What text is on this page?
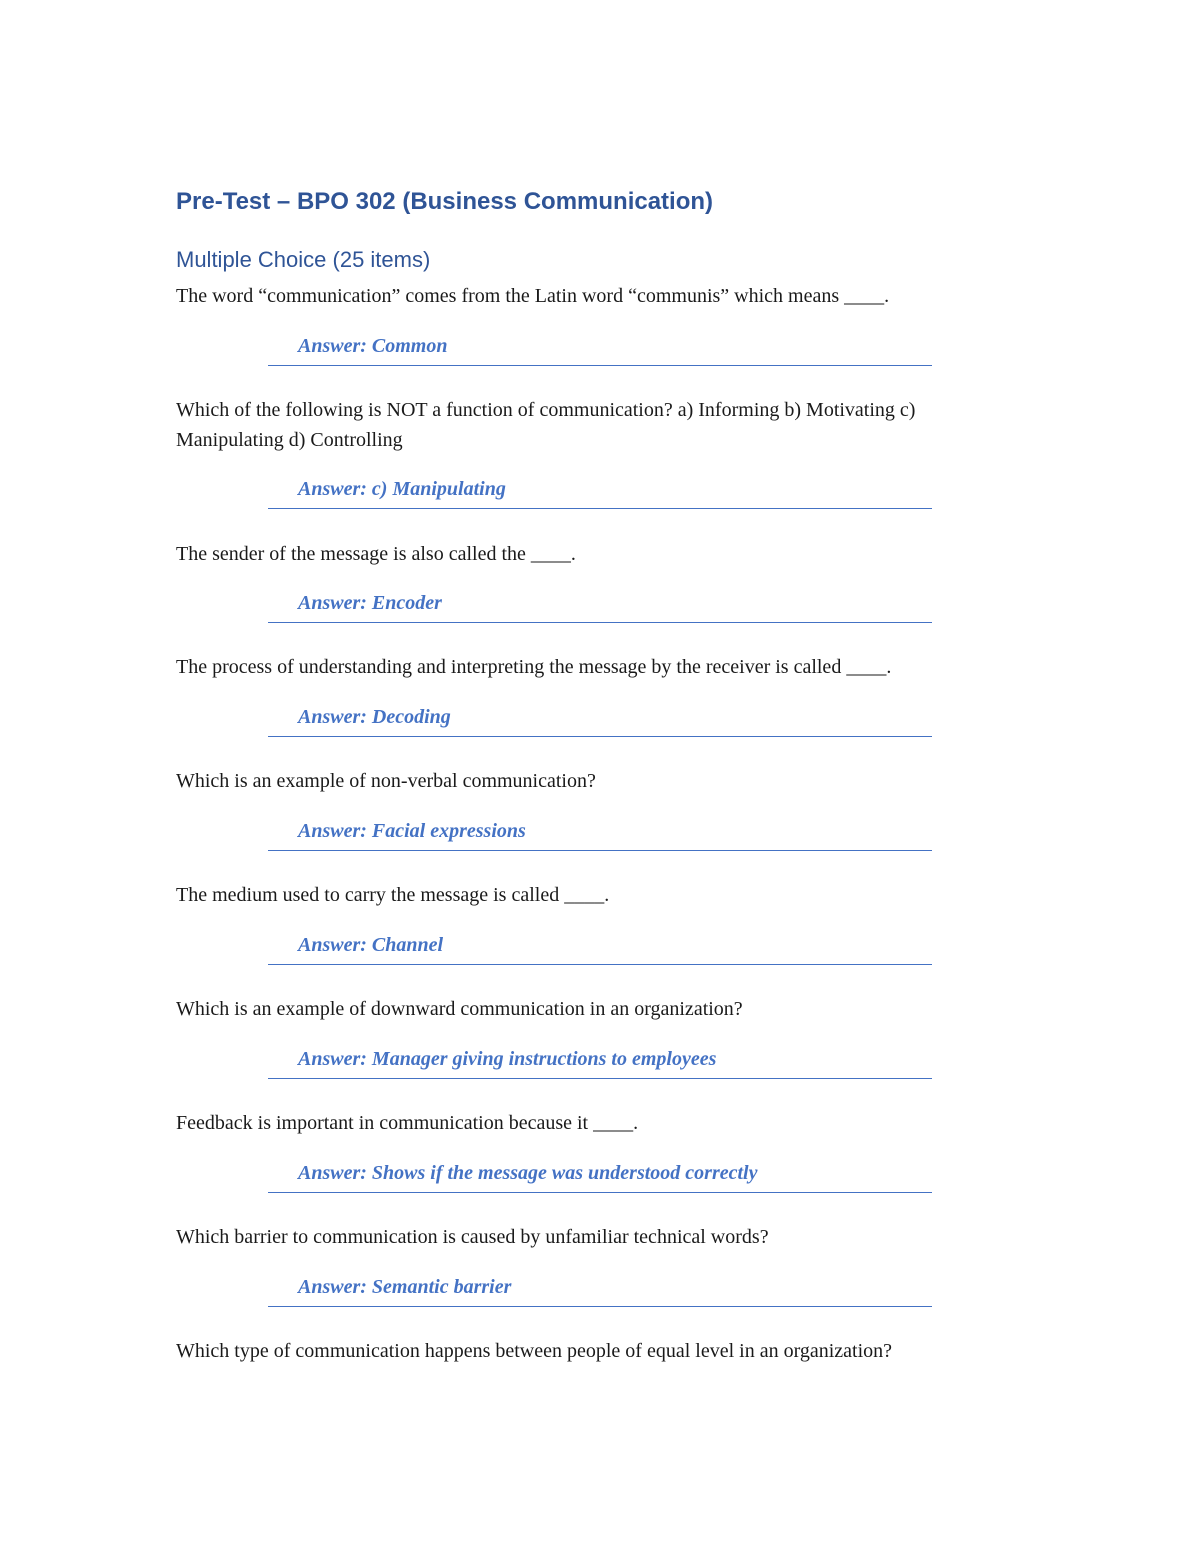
Pre-Test – BPO 302 (Business Communication)
Multiple Choice (25 items)

The word “communication” comes from the Latin word “communis” which means ____.

Answer: Common

Which of the following is NOT a function of communication? a) Informing b) Motivating c) Manipulating d) Controlling

Answer: c) Manipulating

The sender of the message is also called the ____.

Answer: Encoder

The process of understanding and interpreting the message by the receiver is called ____.

Answer: Decoding

Which is an example of non-verbal communication?

Answer: Facial expressions

The medium used to carry the message is called ____.

Answer: Channel

Which is an example of downward communication in an organization?

Answer: Manager giving instructions to employees

Feedback is important in communication because it ____.

Answer: Shows if the message was understood correctly

Which barrier to communication is caused by unfamiliar technical words?

Answer: Semantic barrier

Which type of communication happens between people of equal level in an organization?
